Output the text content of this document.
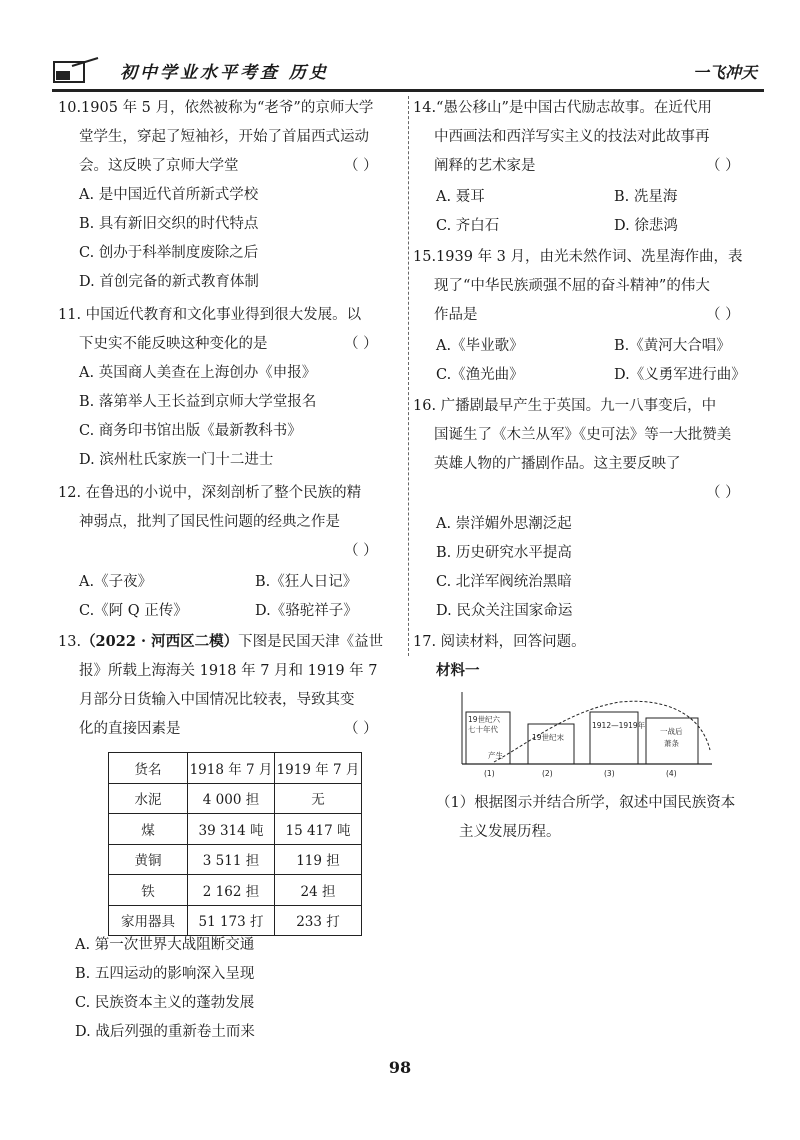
初中学业水平考查 历史	一飞冲天
10.1905 年 5 月，依然被称为“老爷”的京师大学
堂学生，穿起了短袖衫，开始了首届西式运动
会。这反映了京师大学堂	（ ）
A. 是中国近代首所新式学校
B. 具有新旧交织的时代特点
C. 创办于科举制度废除之后
D. 首创完备的新式教育体制
11. 中国近代教育和文化事业得到很大发展。以
下史实不能反映这种变化的是	（ ）
A. 英国商人美查在上海创办《申报》
B. 落第举人王长益到京师大学堂报名
C. 商务印书馆出版《最新教科书》
D. 滨州杜氏家族一门十二进士
12. 在鲁迅的小说中，深刻剖析了整个民族的精
神弱点，批判了国民性问题的经典之作是
（ ）
A.《子夜》	B.《狂人日记》
C.《阿 Q 正传》	D.《骆驼祥子》
13.（2022 · 河西区二模）下图是民国天津《益世
报》所载上海海关 1918 年 7 月和 1919 年 7
月部分日货输入中国情况比较表，导致其变
化的直接因素是	（ ）
货名	1918 年 7 月	1919 年 7 月
水泥	4 000 担	无
煤	39 314 吨	15 417 吨
黄铜	3 511 担	119 担
铁	2 162 担	24 担
家用器具	51 173 打	233 打
A. 第一次世界大战阻断交通
B. 五四运动的影响深入呈现
C. 民族资本主义的蓬勃发展
D. 战后列强的重新卷土而来
14.“愚公移山”是中国古代励志故事。在近代用
中西画法和西洋写实主义的技法对此故事再
阐释的艺术家是	（ ）
A. 聂耳	B. 冼星海
C. 齐白石	D. 徐悲鸿
15.1939 年 3 月，由光未然作词、冼星海作曲，表
现了“中华民族顽强不屈的奋斗精神”的伟大
作品是	（ ）
A.《毕业歌》	B.《黄河大合唱》
C.《渔光曲》	D.《义勇军进行曲》
16. 广播剧最早产生于英国。九一八事变后，中
国诞生了《木兰从军》《史可法》等一大批赞美
英雄人物的广播剧作品。这主要反映了
（ ）
A. 崇洋媚外思潮泛起
B. 历史研究水平提高
C. 北洋军阀统治黑暗
D. 民众关注国家命运
17. 阅读材料，回答问题。
材料一
19世纪六
七十年代
产生
19世纪末
1912—1919年
一战后
萧条
(1)	(2)	(3)	(4)
（1）根据图示并结合所学，叙述中国民族资本
主义发展历程。
98
